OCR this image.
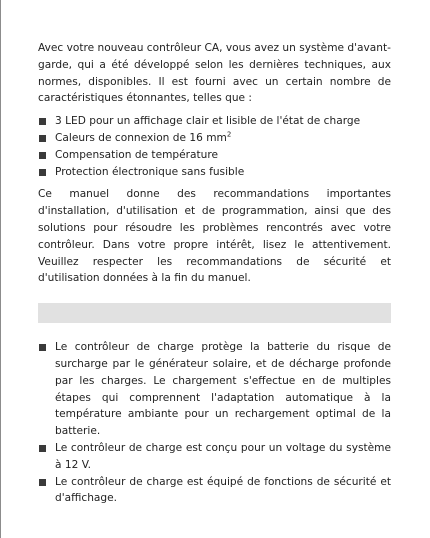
Avec votre nouveau contrôleur CA, vous avez un système d'avant-garde, qui a été développé selon les dernières techniques, aux normes, disponibles. Il est fourni avec un certain nombre de caractéristiques étonnantes, telles que :

3 LED pour un affichage clair et lisible de l'état de charge
Caleurs de connexion de 16 $mm^2$
Compensation de température
Protection électronique sans fusible

Ce manuel donne des recommandations importantes d'installation, d'utilisation et de programmation, ainsi que des solutions pour résoudre les problèmes rencontrés avec votre contrôleur. Dans votre propre intérêt, lisez le attentivement. Veuillez respecter les recommandations de sécurité et d'utilisation données à la fin du manuel.

Le contrôleur de charge protège la batterie du risque de surcharge par le générateur solaire, et de décharge profonde par les charges. Le chargement s'effectue en de multiples étapes qui comprennent l'adaptation automatique à la température ambiante pour un rechargement optimal de la batterie.
Le contrôleur de charge est conçu pour un voltage du système à 12 V.
Le contrôleur de charge est équipé de fonctions de sécurité et d'affichage.
